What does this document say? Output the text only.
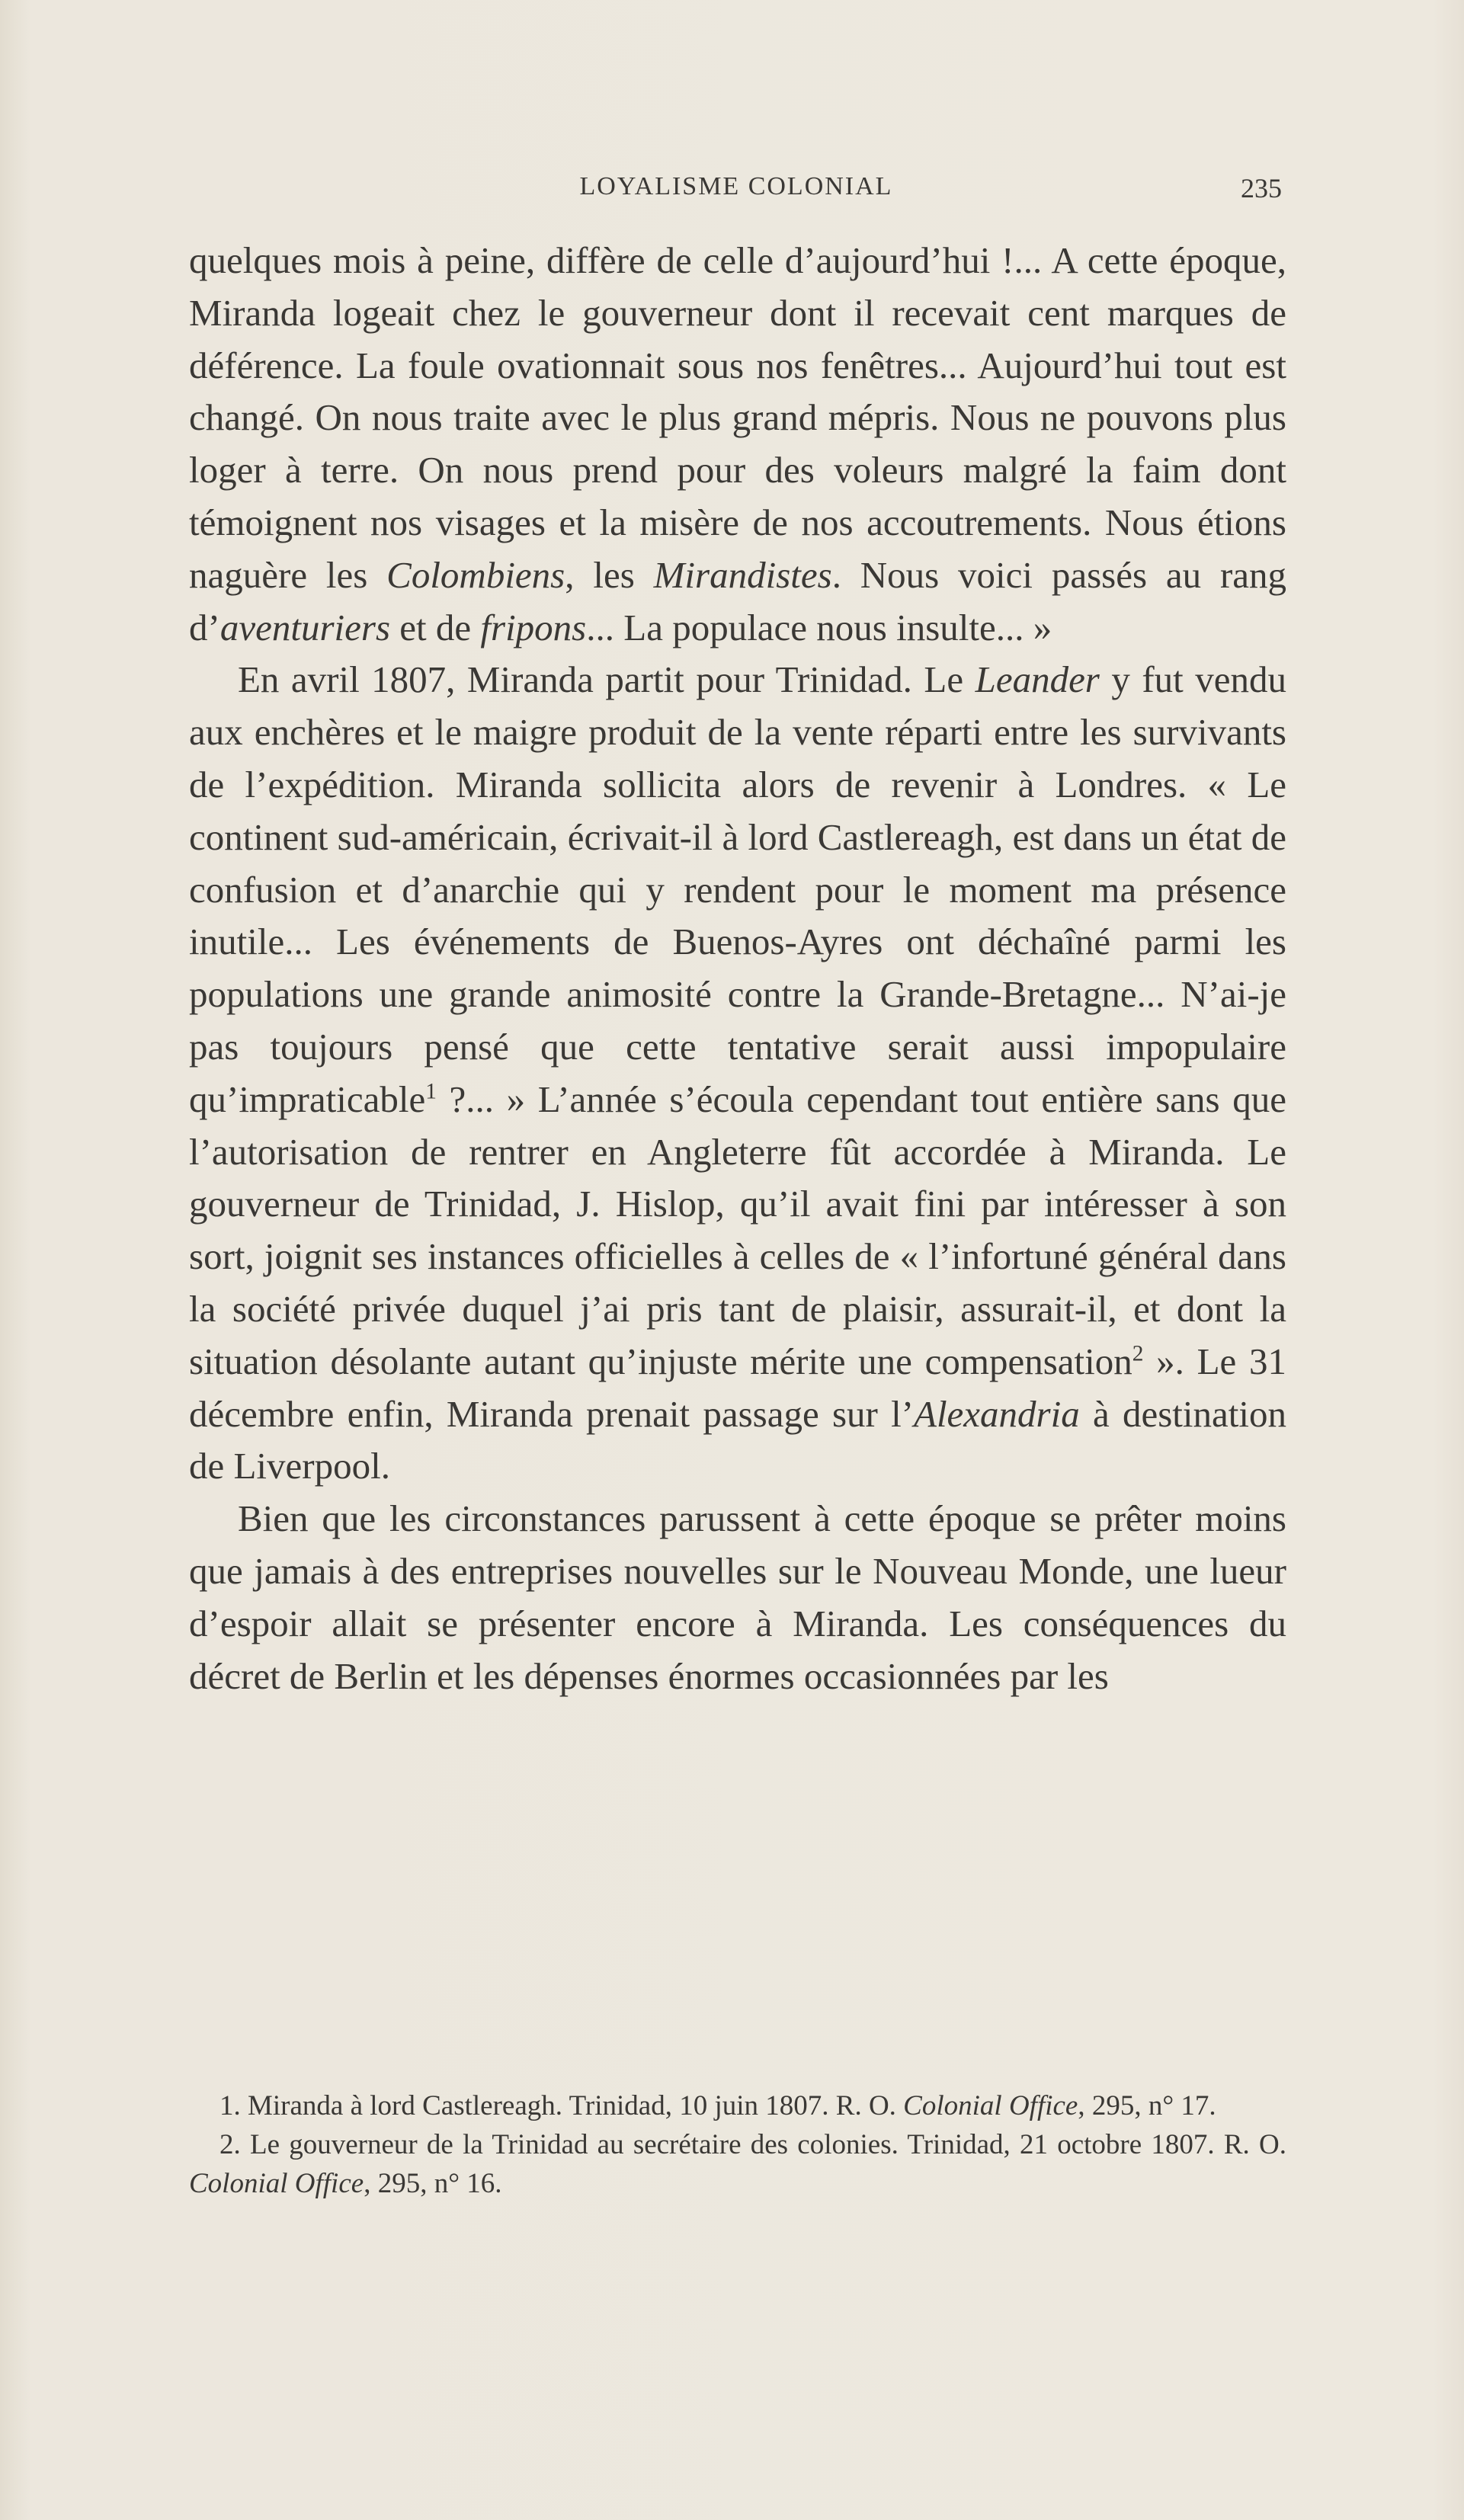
LOYALISME COLONIAL	235

quelques mois à peine, diffère de celle d’aujourd’hui !... A cette époque, Miranda logeait chez le gouverneur dont il recevait cent marques de déférence. La foule ovationnait sous nos fenêtres... Aujourd’hui tout est changé. On nous traite avec le plus grand mépris. Nous ne pouvons plus loger à terre. On nous prend pour des voleurs malgré la faim dont témoignent nos visages et la misère de nos accoutrements. Nous étions naguère les Colombiens, les Mirandistes. Nous voici passés au rang d’aventuriers et de fripons... La populace nous insulte... »

En avril 1807, Miranda partit pour Trinidad. Le Leander y fut vendu aux enchères et le maigre produit de la vente réparti entre les survivants de l’expédition. Miranda sollicita alors de revenir à Londres. « Le continent sud-américain, écrivait-il à lord Castlereagh, est dans un état de confusion et d’anarchie qui y rendent pour le moment ma présence inutile... Les événements de Buenos-Ayres ont déchaîné parmi les populations une grande animosité contre la Grande-Bretagne... N’ai-je pas toujours pensé que cette tentative serait aussi impopulaire qu’impraticable$^1$ ?... » L’année s’écoula cependant tout entière sans que l’autorisation de rentrer en Angleterre fût accordée à Miranda. Le gouverneur de Trinidad, J. Hislop, qu’il avait fini par intéresser à son sort, joignit ses instances officielles à celles de « l’infortuné général dans la société privée duquel j’ai pris tant de plaisir, assurait-il, et dont la situation désolante autant qu’injuste mérite une compensation$^2$ ». Le 31 décembre enfin, Miranda prenait passage sur l’Alexandria à destination de Liverpool.

Bien que les circonstances parussent à cette époque se prêter moins que jamais à des entreprises nouvelles sur le Nouveau Monde, une lueur d’espoir allait se présenter encore à Miranda. Les conséquences du décret de Berlin et les dépenses énormes occasionnées par les

1. Miranda à lord Castlereagh. Trinidad, 10 juin 1807. R. O. Colonial Office, 295, n° 17.

2. Le gouverneur de la Trinidad au secrétaire des colonies. Trinidad, 21 octobre 1807. R. O. Colonial Office, 295, n° 16.
